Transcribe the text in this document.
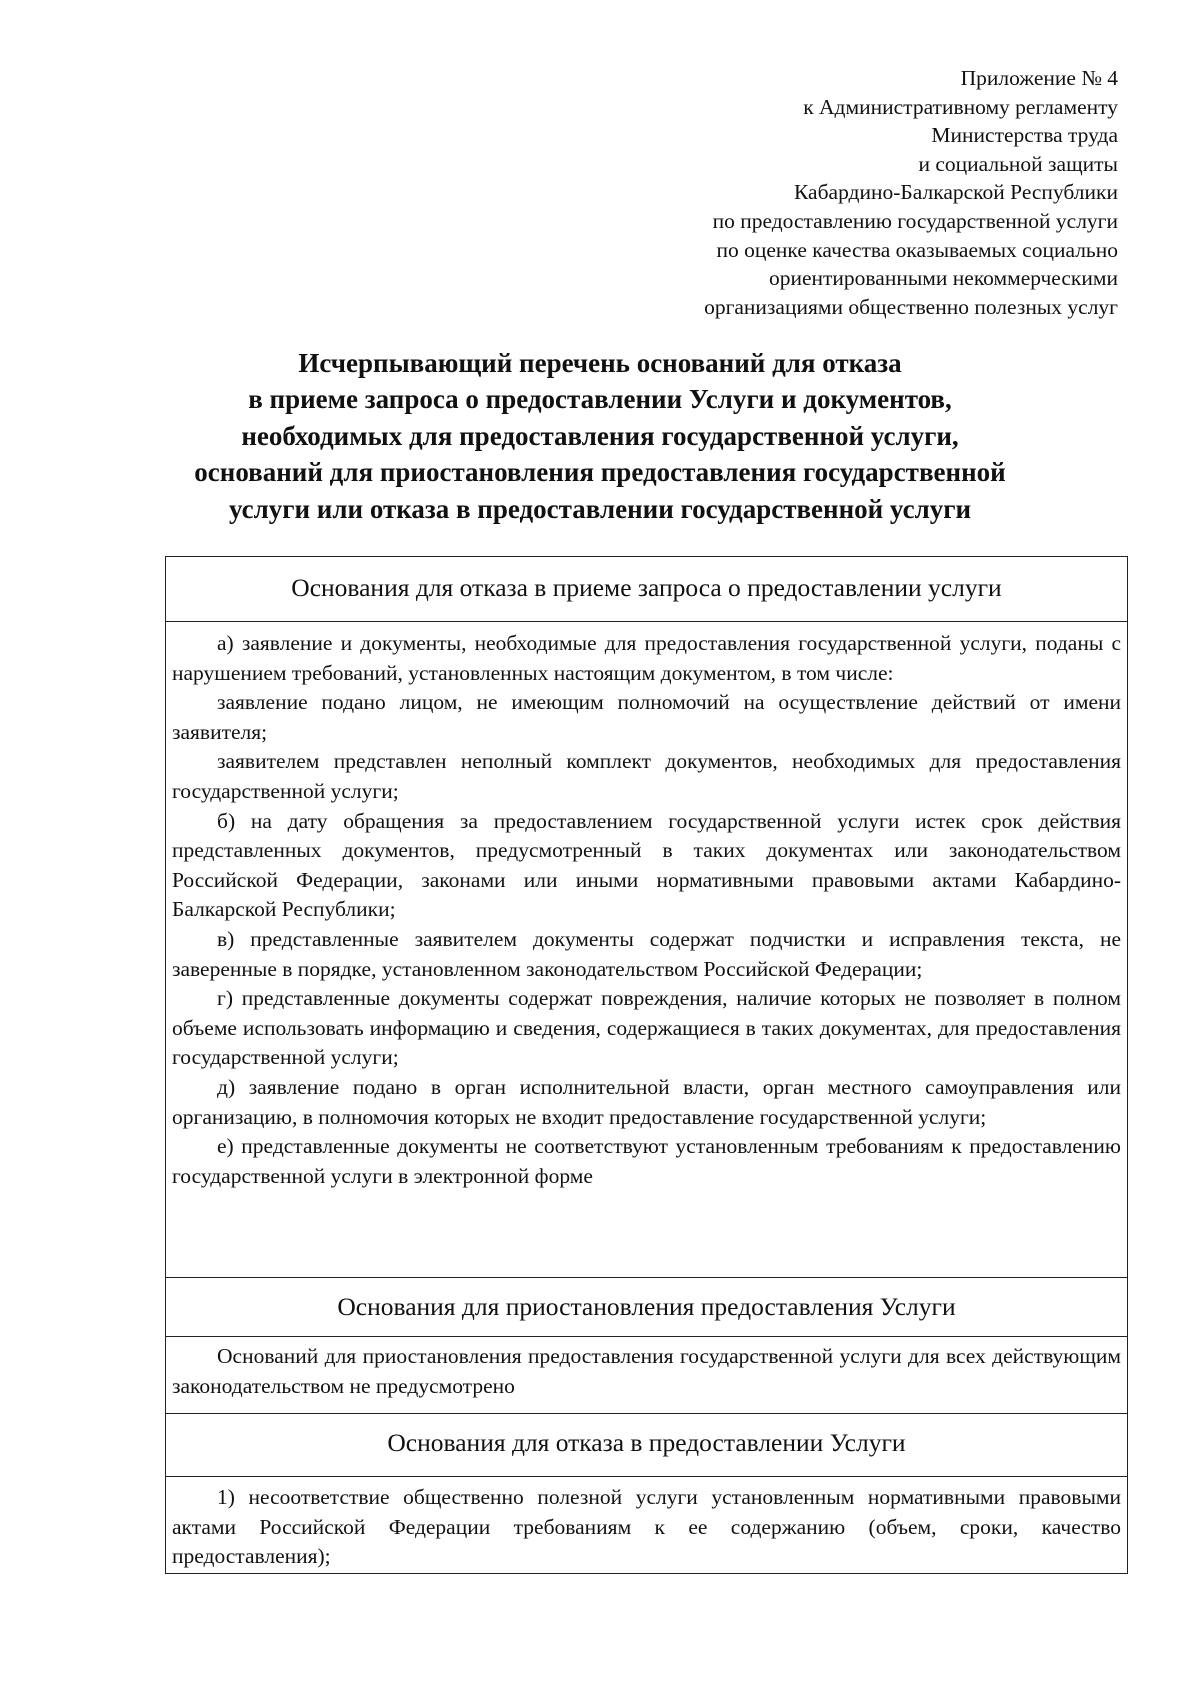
Приложение № 4
к Административному регламенту
Министерства труда
и социальной защиты
Кабардино-Балкарской Республики
по предоставлению государственной услуги
по оценке качества оказываемых социально
ориентированными некоммерческими
организациями общественно полезных услуг
Исчерпывающий перечень оснований для отказа
в приеме запроса о предоставлении Услуги и документов,
необходимых для предоставления государственной услуги,
оснований для приостановления предоставления государственной
услуги или отказа в предоставлении государственной услуги
Основания для отказа в приеме запроса о предоставлении услуги

а) заявление и документы, необходимые для предоставления государственной услуги, поданы с нарушением требований, установленных настоящим документом, в том числе:

заявление подано лицом, не имеющим полномочий на осуществление действий от имени заявителя;

заявителем представлен неполный комплект документов, необходимых для предоставления государственной услуги;

б) на дату обращения за предоставлением государственной услуги истек срок действия представленных документов, предусмотренный в таких документах или законодательством Российской Федерации, законами или иными нормативными правовыми актами Кабардино-Балкарской Республики;

в) представленные заявителем документы содержат подчистки и исправления текста, не заверенные в порядке, установленном законодательством Российской Федерации;

г) представленные документы содержат повреждения, наличие которых не позволяет в полном объеме использовать информацию и сведения, содержащиеся в таких документах, для предоставления государственной услуги;

д) заявление подано в орган исполнительной власти, орган местного самоуправления или организацию, в полномочия которых не входит предоставление государственной услуги;

е) представленные документы не соответствуют установленным требованиям к предоставлению государственной услуги в электронной форме

Основания для приостановления предоставления Услуги

Оснований для приостановления предоставления государственной услуги для всех действующим законодательством не предусмотрено

Основания для отказа в предоставлении Услуги

1) несоответствие общественно полезной услуги установленным нормативными правовыми актами Российской Федерации требованиям к ее содержанию (объем, сроки, качество предоставления);
